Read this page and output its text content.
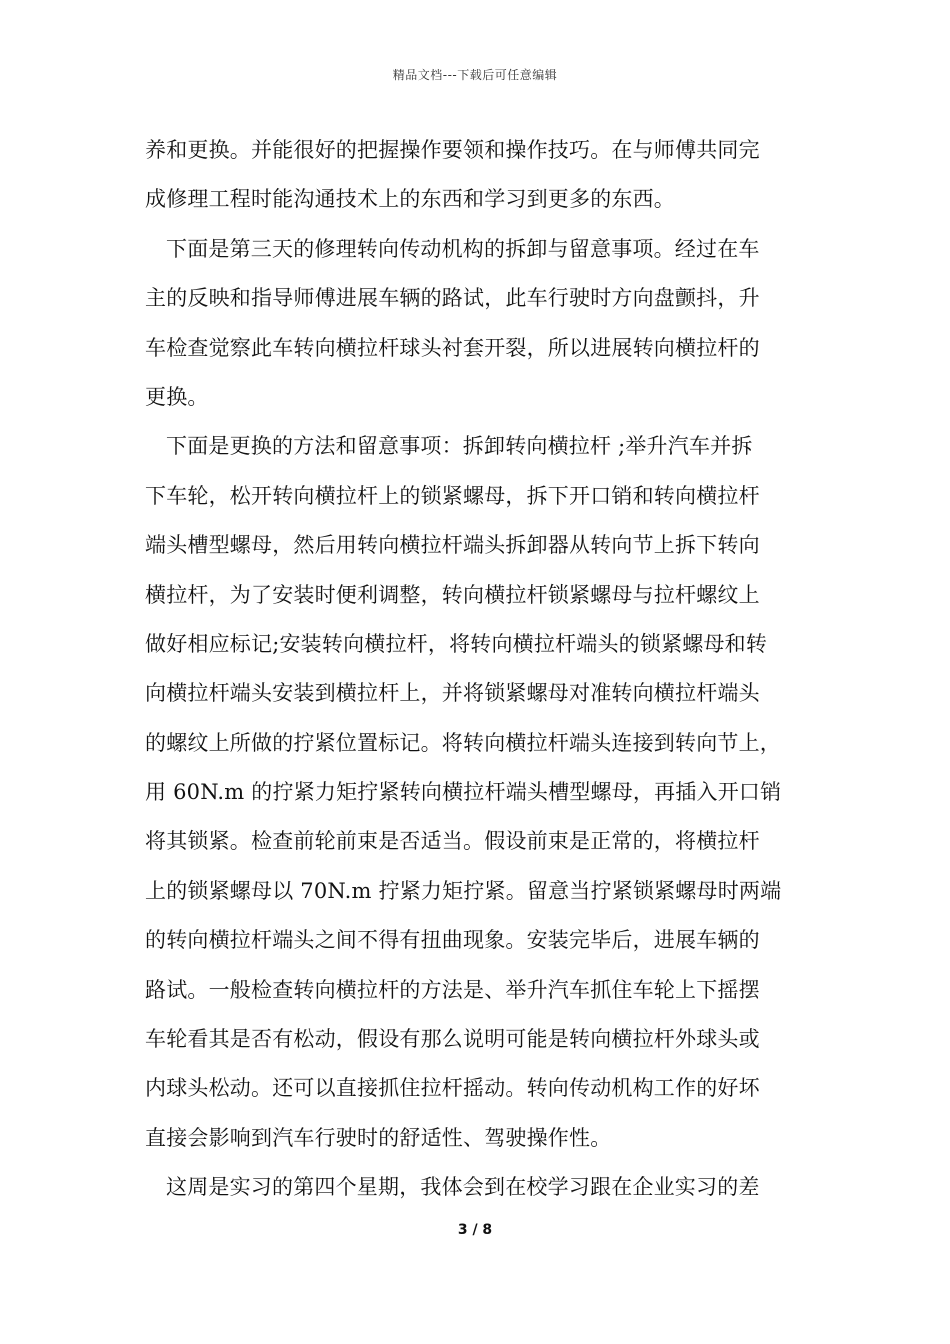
精品文档---下载后可任意编辑
养和更换。并能很好的把握操作要领和操作技巧。在与师傅共同完
成修理工程时能沟通技术上的东西和学习到更多的东西。
下面是第三天的修理转向传动机构的拆卸与留意事项。经过在车
主的反映和指导师傅进展车辆的路试，此车行驶时方向盘颤抖，升
车检查觉察此车转向横拉杆球头衬套开裂，所以进展转向横拉杆的
更换。
下面是更换的方法和留意事项：拆卸转向横拉杆 ;举升汽车并拆
下车轮，松开转向横拉杆上的锁紧螺母，拆下开口销和转向横拉杆
端头槽型螺母，然后用转向横拉杆端头拆卸器从转向节上拆下转向
横拉杆，为了安装时便利调整，转向横拉杆锁紧螺母与拉杆螺纹上
做好相应标记;安装转向横拉杆，将转向横拉杆端头的锁紧螺母和转
向横拉杆端头安装到横拉杆上，并将锁紧螺母对准转向横拉杆端头
的螺纹上所做的拧紧位置标记。将转向横拉杆端头连接到转向节上，
用 60N.m 的拧紧力矩拧紧转向横拉杆端头槽型螺母，再插入开口销
将其锁紧。检查前轮前束是否适当。假设前束是正常的，将横拉杆
上的锁紧螺母以 70N.m 拧紧力矩拧紧。留意当拧紧锁紧螺母时两端
的转向横拉杆端头之间不得有扭曲现象。安装完毕后，进展车辆的
路试。一般检查转向横拉杆的方法是、举升汽车抓住车轮上下摇摆
车轮看其是否有松动，假设有那么说明可能是转向横拉杆外球头或
内球头松动。还可以直接抓住拉杆摇动。转向传动机构工作的好坏
直接会影响到汽车行驶时的舒适性、驾驶操作性。
这周是实习的第四个星期，我体会到在校学习跟在企业实习的差
3 / 8
